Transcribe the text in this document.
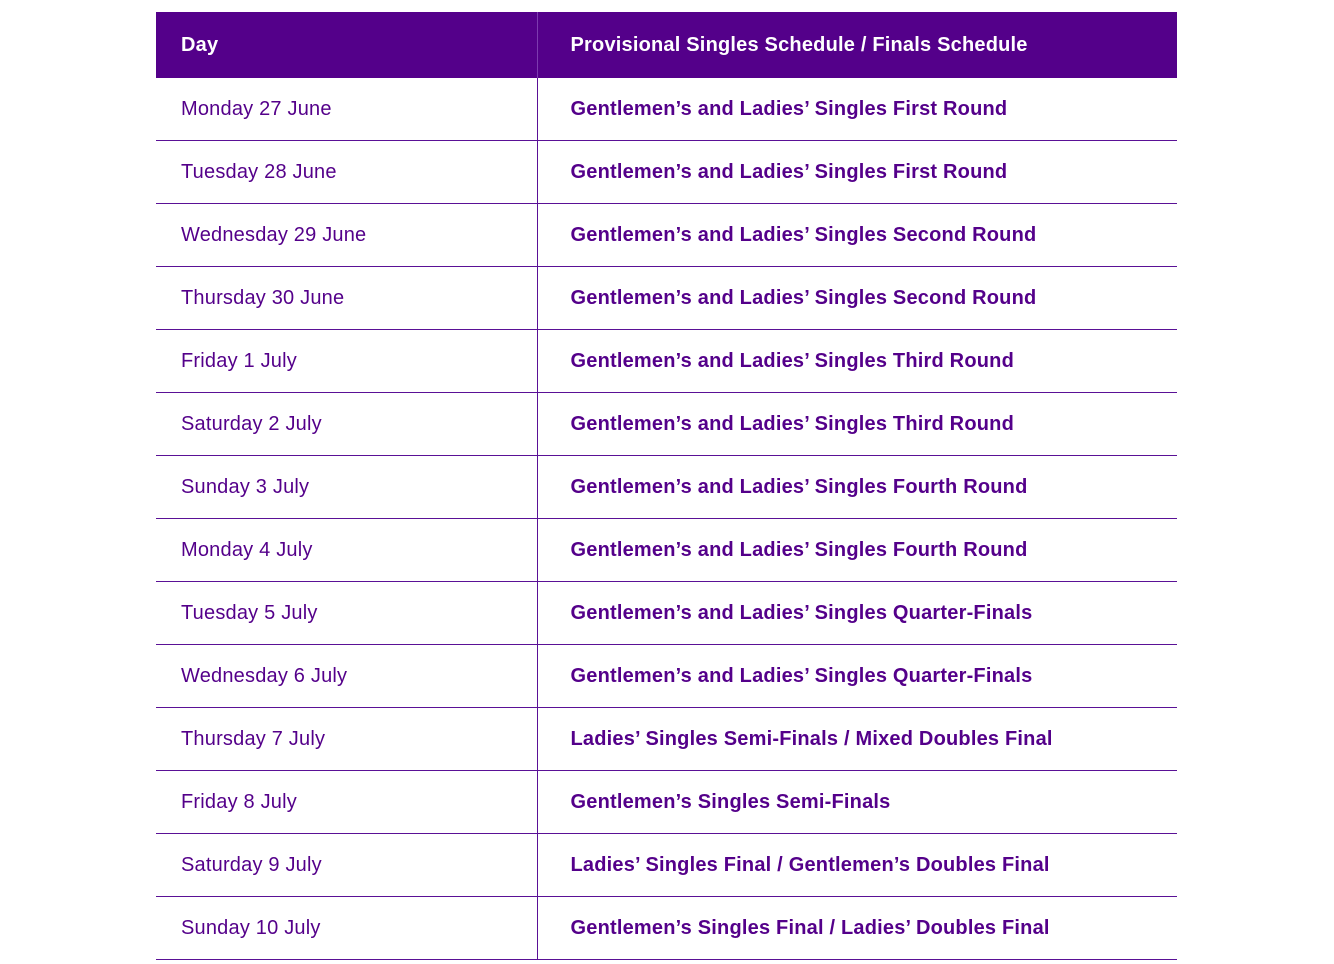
Day	Provisional Singles Schedule / Finals Schedule
Monday 27 June	Gentlemen’s and Ladies’ Singles First Round
Tuesday 28 June	Gentlemen’s and Ladies’ Singles First Round
Wednesday 29 June	Gentlemen’s and Ladies’ Singles Second Round
Thursday 30 June	Gentlemen’s and Ladies’ Singles Second Round
Friday 1 July	Gentlemen’s and Ladies’ Singles Third Round
Saturday 2 July	Gentlemen’s and Ladies’ Singles Third Round
Sunday 3 July	Gentlemen’s and Ladies’ Singles Fourth Round
Monday 4 July	Gentlemen’s and Ladies’ Singles Fourth Round
Tuesday 5 July	Gentlemen’s and Ladies’ Singles Quarter-Finals
Wednesday 6 July	Gentlemen’s and Ladies’ Singles Quarter-Finals
Thursday 7 July	Ladies’ Singles Semi-Finals / Mixed Doubles Final
Friday 8 July	Gentlemen’s Singles Semi-Finals
Saturday 9 July	Ladies’ Singles Final / Gentlemen’s Doubles Final
Sunday 10 July	Gentlemen’s Singles Final / Ladies’ Doubles Final
